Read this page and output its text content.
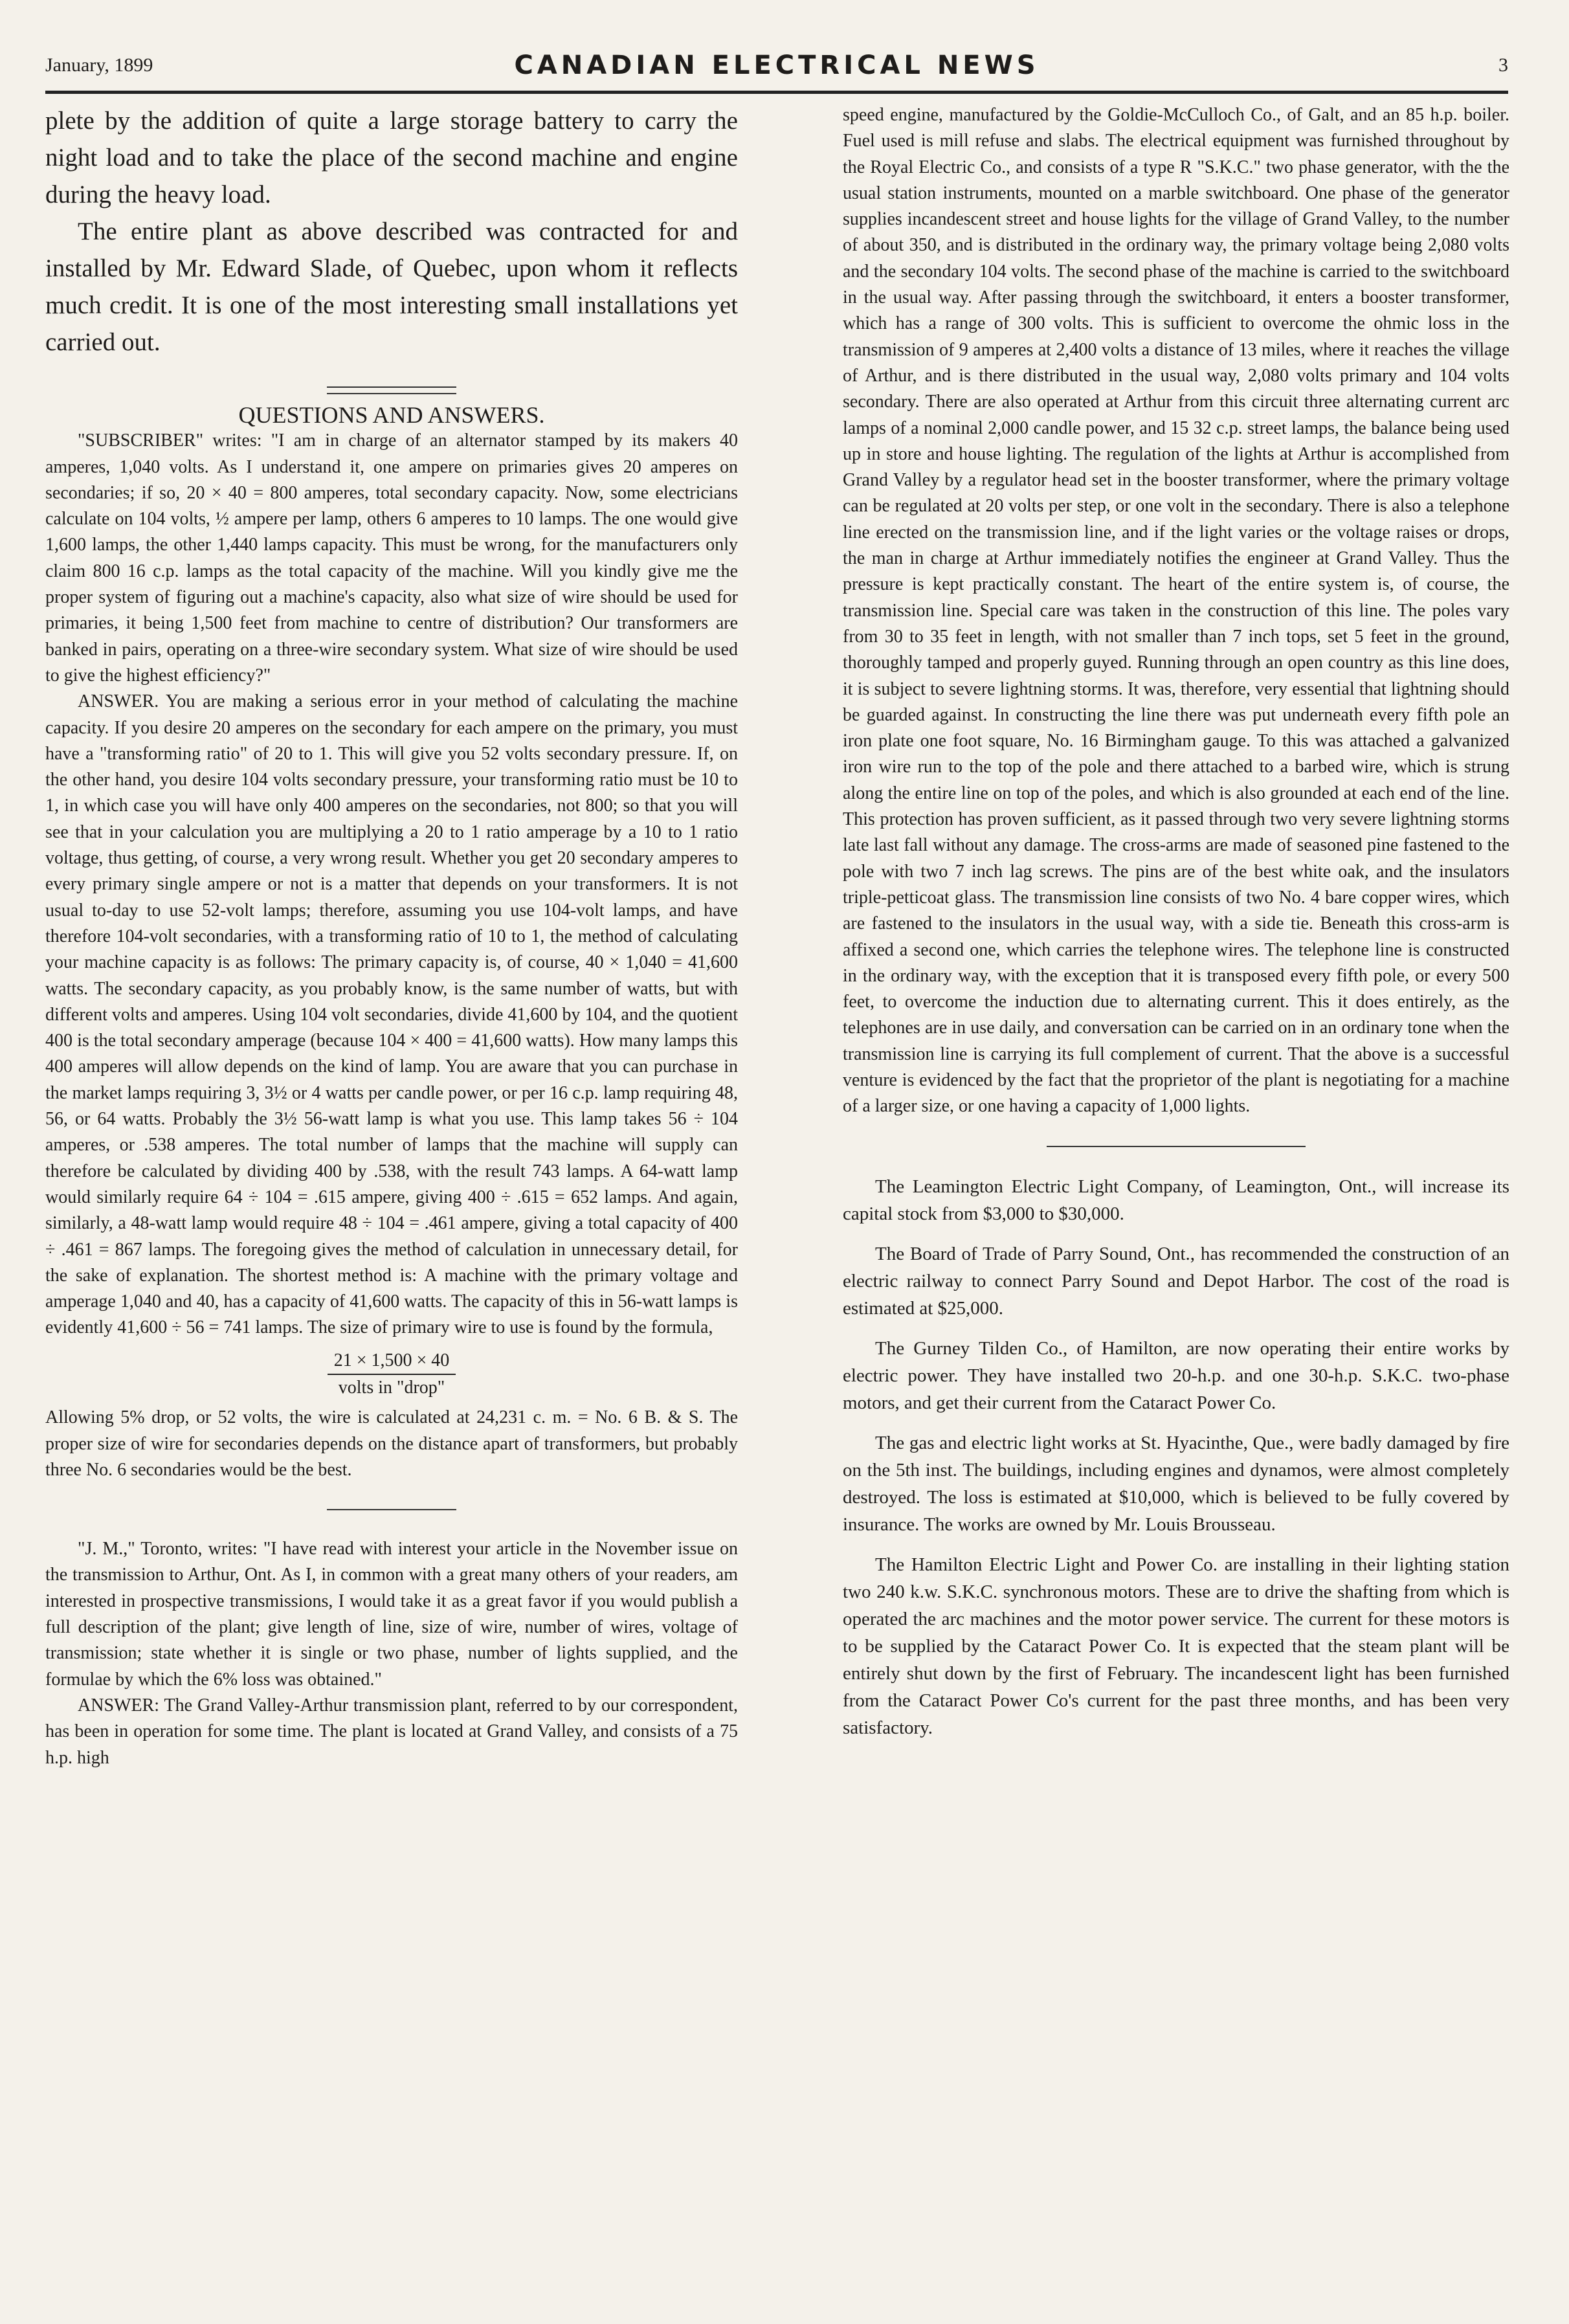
January, 1899	CANADIAN ELECTRICAL NEWS	3

plete by the addition of quite a large storage battery to carry the night load and to take the place of the second machine and engine during the heavy load.

The entire plant as above described was contracted for and installed by Mr. Edward Slade, of Quebec, upon whom it reflects much credit. It is one of the most interesting small installations yet carried out.

QUESTIONS AND ANSWERS.

"SUBSCRIBER" writes: "I am in charge of an alternator stamped by its makers 40 amperes, 1,040 volts. As I understand it, one ampere on primaries gives 20 amperes on secondaries; if so, 20 × 40 = 800 amperes, total secondary capacity. Now, some electricians calculate on 104 volts, ½ ampere per lamp, others 6 amperes to 10 lamps. The one would give 1,600 lamps, the other 1,440 lamps capacity. This must be wrong, for the manufacturers only claim 800 16 c.p. lamps as the total capacity of the machine. Will you kindly give me the proper system of figuring out a machine's capacity, also what size of wire should be used for primaries, it being 1,500 feet from machine to centre of distribution? Our transformers are banked in pairs, operating on a three-wire secondary system. What size of wire should be used to give the highest efficiency?"

ANSWER. You are making a serious error in your method of calculating the machine capacity. If you desire 20 amperes on the secondary for each ampere on the primary, you must have a "transforming ratio" of 20 to 1. This will give you 52 volts secondary pressure. If, on the other hand, you desire 104 volts secondary pressure, your transforming ratio must be 10 to 1, in which case you will have only 400 amperes on the secondaries, not 800; so that you will see that in your calculation you are multiplying a 20 to 1 ratio amperage by a 10 to 1 ratio voltage, thus getting, of course, a very wrong result. Whether you get 20 secondary amperes to every primary single ampere or not is a matter that depends on your transformers. It is not usual to-day to use 52-volt lamps; therefore, assuming you use 104-volt lamps, and have therefore 104-volt secondaries, with a transforming ratio of 10 to 1, the method of calculating your machine capacity is as follows: The primary capacity is, of course, 40 × 1,040 = 41,600 watts. The secondary capacity, as you probably know, is the same number of watts, but with different volts and amperes. Using 104 volt secondaries, divide 41,600 by 104, and the quotient 400 is the total secondary amperage (because 104 × 400 = 41,600 watts). How many lamps this 400 amperes will allow depends on the kind of lamp. You are aware that you can purchase in the market lamps requiring 3, 3½ or 4 watts per candle power, or per 16 c.p. lamp requiring 48, 56, or 64 watts. Probably the 3½ 56-watt lamp is what you use. This lamp takes 56 ÷ 104 amperes, or .538 amperes. The total number of lamps that the machine will supply can therefore be calculated by dividing 400 by .538, with the result 743 lamps. A 64-watt lamp would similarly require 64 ÷ 104 = .615 ampere, giving 400 ÷ .615 = 652 lamps. And again, similarly, a 48-watt lamp would require 48 ÷ 104 = .461 ampere, giving a total capacity of 400 ÷ .461 = 867 lamps. The foregoing gives the method of calculation in unnecessary detail, for the sake of explanation. The shortest method is: A machine with the primary voltage and amperage 1,040 and 40, has a capacity of 41,600 watts. The capacity of this in 56-watt lamps is evidently 41,600 ÷ 56 = 741 lamps. The size of primary wire to use is found by the formula,

$\frac{21 \times 1,500 \times 40}{\text{volts in "drop"}}$

Allowing 5% drop, or 52 volts, the wire is calculated at 24,231 c. m. = No. 6 B. & S. The proper size of wire for secondaries depends on the distance apart of transformers, but probably three No. 6 secondaries would be the best.

"J. M.," Toronto, writes: "I have read with interest your article in the November issue on the transmission to Arthur, Ont. As I, in common with a great many others of your readers, am interested in prospective transmissions, I would take it as a great favor if you would publish a full description of the plant; give length of line, size of wire, number of wires, voltage of transmission; state whether it is single or two phase, number of lights supplied, and the formulae by which the 6% loss was obtained."

ANSWER: The Grand Valley-Arthur transmission plant, referred to by our correspondent, has been in operation for some time. The plant is located at Grand Valley, and consists of a 75 h.p. high

speed engine, manufactured by the Goldie-McCulloch Co., of Galt, and an 85 h.p. boiler. Fuel used is mill refuse and slabs. The electrical equipment was furnished throughout by the Royal Electric Co., and consists of a type R "S.K.C." two phase generator, with the the usual station instruments, mounted on a marble switchboard. One phase of the generator supplies incandescent street and house lights for the village of Grand Valley, to the number of about 350, and is distributed in the ordinary way, the primary voltage being 2,080 volts and the secondary 104 volts. The second phase of the machine is carried to the switchboard in the usual way. After passing through the switchboard, it enters a booster transformer, which has a range of 300 volts. This is sufficient to overcome the ohmic loss in the transmission of 9 amperes at 2,400 volts a distance of 13 miles, where it reaches the village of Arthur, and is there distributed in the usual way, 2,080 volts primary and 104 volts secondary. There are also operated at Arthur from this circuit three alternating current arc lamps of a nominal 2,000 candle power, and 15 32 c.p. street lamps, the balance being used up in store and house lighting. The regulation of the lights at Arthur is accomplished from Grand Valley by a regulator head set in the booster transformer, where the primary voltage can be regulated at 20 volts per step, or one volt in the secondary. There is also a telephone line erected on the transmission line, and if the light varies or the voltage raises or drops, the man in charge at Arthur immediately notifies the engineer at Grand Valley. Thus the pressure is kept practically constant. The heart of the entire system is, of course, the transmission line. Special care was taken in the construction of this line. The poles vary from 30 to 35 feet in length, with not smaller than 7 inch tops, set 5 feet in the ground, thoroughly tamped and properly guyed. Running through an open country as this line does, it is subject to severe lightning storms. It was, therefore, very essential that lightning should be guarded against. In constructing the line there was put underneath every fifth pole an iron plate one foot square, No. 16 Birmingham gauge. To this was attached a galvanized iron wire run to the top of the pole and there attached to a barbed wire, which is strung along the entire line on top of the poles, and which is also grounded at each end of the line. This protection has proven sufficient, as it passed through two very severe lightning storms late last fall without any damage. The cross-arms are made of seasoned pine fastened to the pole with two 7 inch lag screws. The pins are of the best white oak, and the insulators triple-petticoat glass. The transmission line consists of two No. 4 bare copper wires, which are fastened to the insulators in the usual way, with a side tie. Beneath this cross-arm is affixed a second one, which carries the telephone wires. The telephone line is constructed in the ordinary way, with the exception that it is transposed every fifth pole, or every 500 feet, to overcome the induction due to alternating current. This it does entirely, as the telephones are in use daily, and conversation can be carried on in an ordinary tone when the transmission line is carrying its full complement of current. That the above is a successful venture is evidenced by the fact that the proprietor of the plant is negotiating for a machine of a larger size, or one having a capacity of 1,000 lights.

The Leamington Electric Light Company, of Leamington, Ont., will increase its capital stock from $3,000 to $30,000.

The Board of Trade of Parry Sound, Ont., has recommended the construction of an electric railway to connect Parry Sound and Depot Harbor. The cost of the road is estimated at $25,000.

The Gurney Tilden Co., of Hamilton, are now operating their entire works by electric power. They have installed two 20-h.p. and one 30-h.p. S.K.C. two-phase motors, and get their current from the Cataract Power Co.

The gas and electric light works at St. Hyacinthe, Que., were badly damaged by fire on the 5th inst. The buildings, including engines and dynamos, were almost completely destroyed. The loss is estimated at $10,000, which is believed to be fully covered by insurance. The works are owned by Mr. Louis Brousseau.

The Hamilton Electric Light and Power Co. are installing in their lighting station two 240 k.w. S.K.C. synchronous motors. These are to drive the shafting from which is operated the arc machines and the motor power service. The current for these motors is to be supplied by the Cataract Power Co. It is expected that the steam plant will be entirely shut down by the first of February. The incandescent light has been furnished from the Cataract Power Co's current for the past three months, and has been very satisfactory.
